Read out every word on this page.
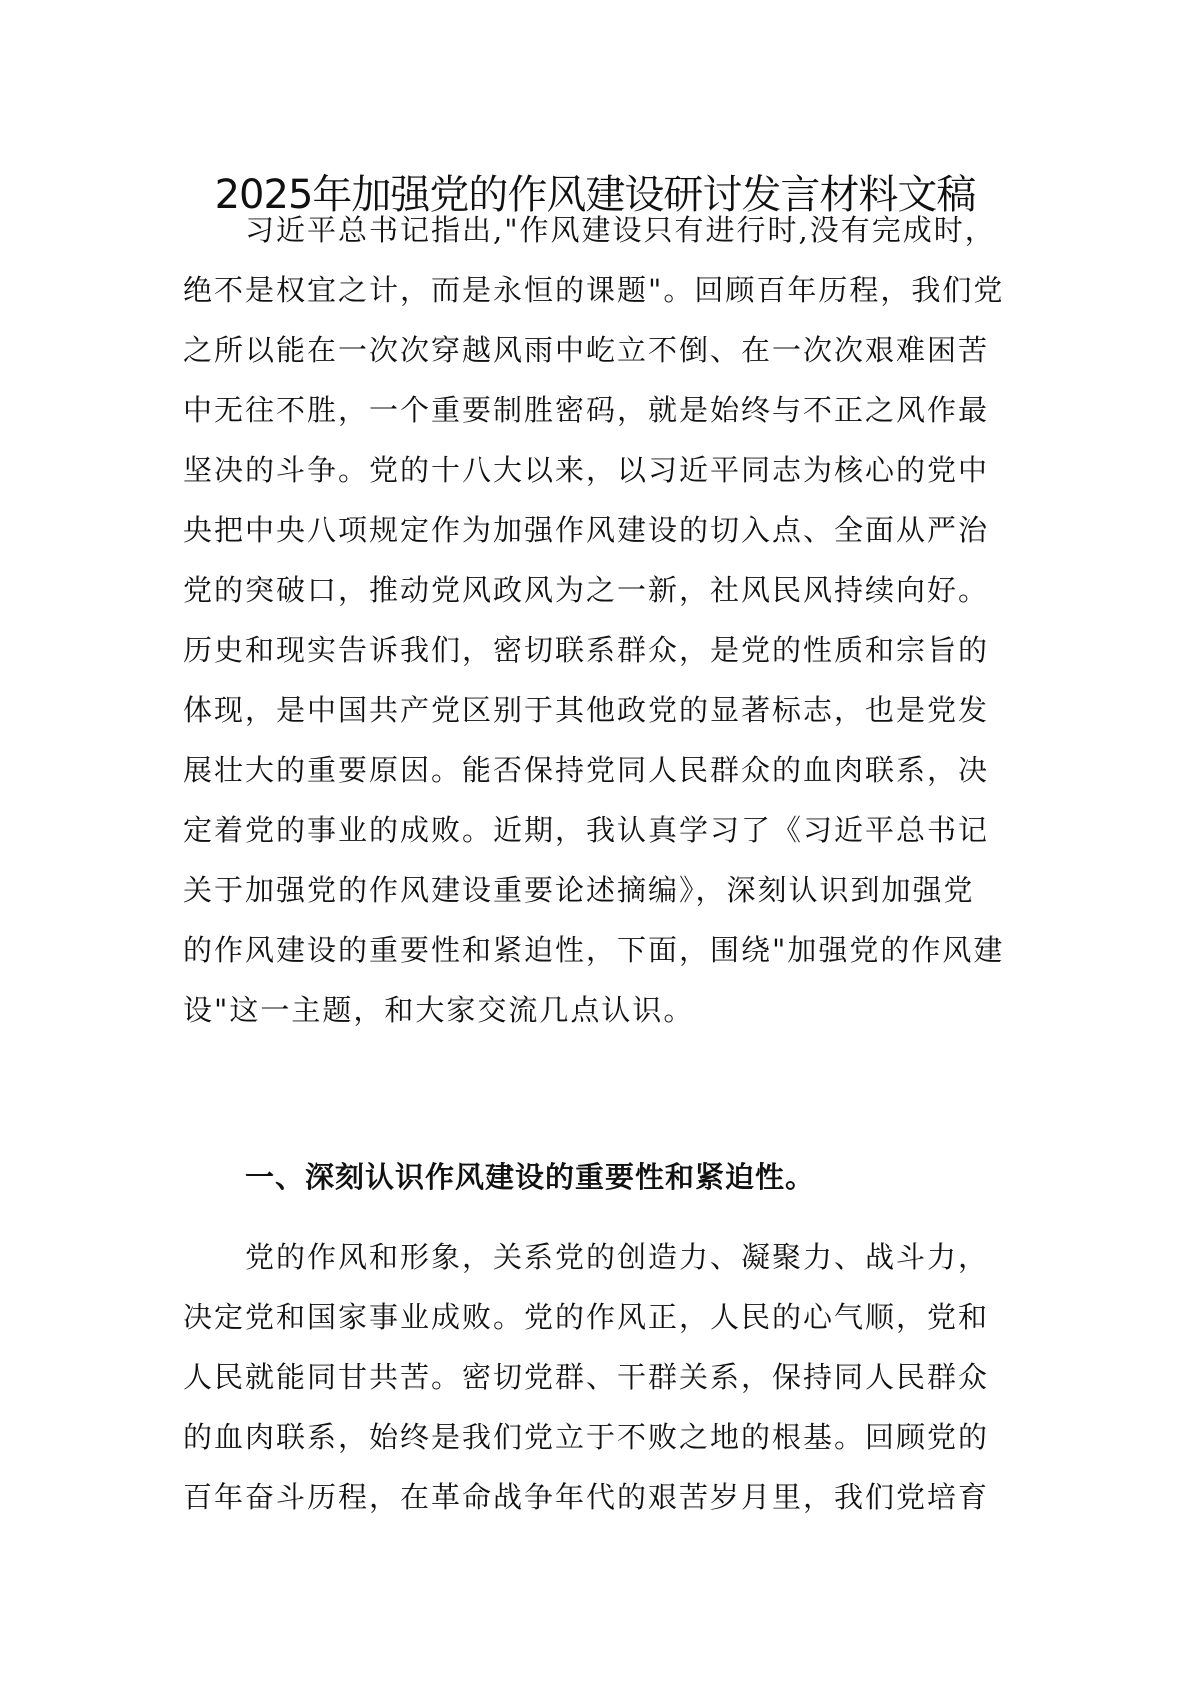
2025年加强党的作风建设研讨发言材料文稿
习近平总书记指出,"作风建设只有进行时,没有完成时，
绝不是权宜之计，而是永恒的课题"。回顾百年历程，我们党
之所以能在一次次穿越风雨中屹立不倒、在一次次艰难困苦
中无往不胜，一个重要制胜密码，就是始终与不正之风作最
坚决的斗争。党的十八大以来，以习近平同志为核心的党中
央把中央八项规定作为加强作风建设的切入点、全面从严治
党的突破口，推动党风政风为之一新，社风民风持续向好。
历史和现实告诉我们，密切联系群众，是党的性质和宗旨的
体现，是中国共产党区别于其他政党的显著标志，也是党发
展壮大的重要原因。能否保持党同人民群众的血肉联系，决
定着党的事业的成败。近期，我认真学习了《习近平总书记
关于加强党的作风建设重要论述摘编》，深刻认识到加强党
的作风建设的重要性和紧迫性，下面，围绕"加强党的作风建
设"这一主题，和大家交流几点认识。
一、深刻认识作风建设的重要性和紧迫性。
党的作风和形象，关系党的创造力、凝聚力、战斗力，
决定党和国家事业成败。党的作风正，人民的心气顺，党和
人民就能同甘共苦。密切党群、干群关系，保持同人民群众
的血肉联系，始终是我们党立于不败之地的根基。回顾党的
百年奋斗历程，在革命战争年代的艰苦岁月里，我们党培育
